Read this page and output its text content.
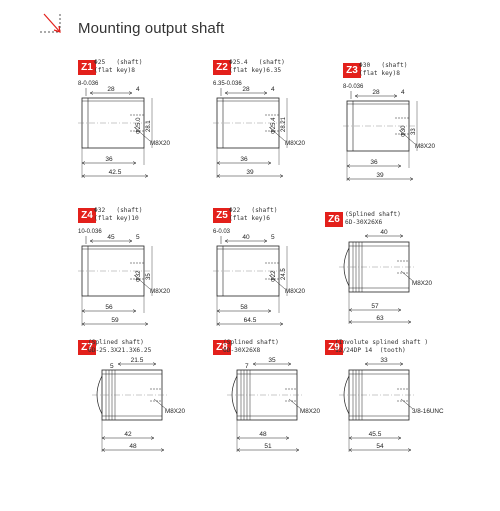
Mounting output shaft
Z1 Φ25   (shaft)
(flat key)8
8-0.036
28	4
M8X20
Φ25.0 28.1
36
42.5
Z2 Φ25.4   (shaft)
(flat key)6.35
6.35-0.036
28	4
M8X20
Φ25.4 28.21
36
39
Z3 Φ30   (shaft)
(flat key)8
8-0.036
28	4
M8X20
Φ30 33
36
39
Z4 Φ32   (shaft)
(flat key)10
10-0.036
45	5
M8X20
Φ32 35
56
59
Z5 Φ22   (shaft)
(flat key)6
6-0.03
40	5
M8X20
Φ22 24.5
58
64.5
Z6 (Splined shaft)
6D-30X26X6
40
M8X20
57
63
Z7
(Splined shaft)
6D-25.3X21.3X6.25
5
21.5
M8X20
42
48
Z8
(Splined shaft)
6D-30X26X8
7
35
M8X20
48
51
Z9
(Involute splined shaft )
12/24DP 14  (tooth)
33
3/8-16UNC
45.5
54
